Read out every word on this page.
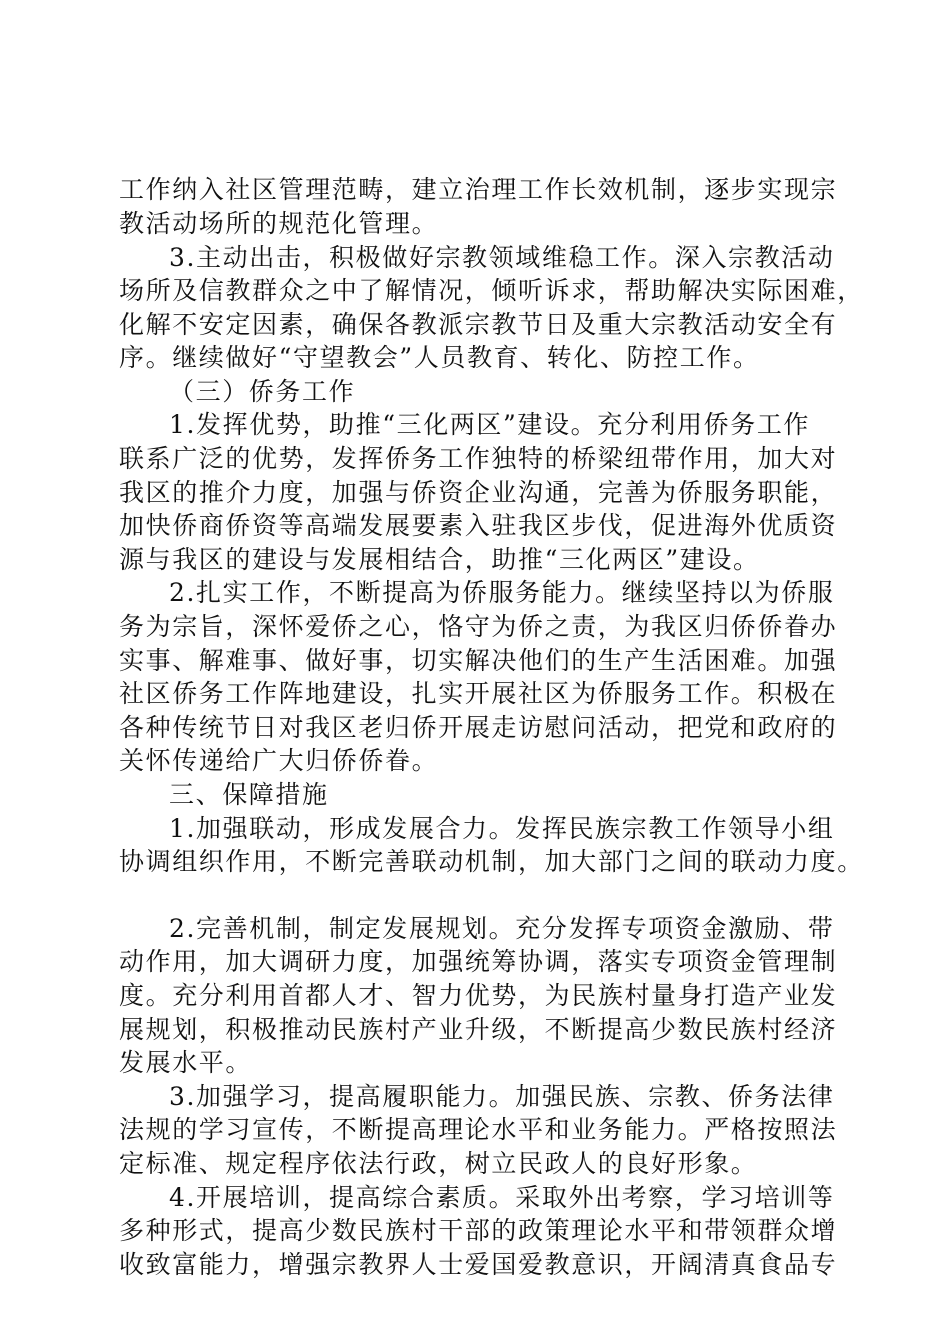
工作纳入社区管理范畴，建立治理工作长效机制，逐步实现宗
教活动场所的规范化管理。
3.主动出击，积极做好宗教领域维稳工作。深入宗教活动
场所及信教群众之中了解情况，倾听诉求，帮助解决实际困难，
化解不安定因素，确保各教派宗教节日及重大宗教活动安全有
序。继续做好“守望教会”人员教育、转化、防控工作。
（三）侨务工作
1.发挥优势，助推“三化两区”建设。充分利用侨务工作
联系广泛的优势，发挥侨务工作独特的桥梁纽带作用，加大对
我区的推介力度，加强与侨资企业沟通，完善为侨服务职能，
加快侨商侨资等高端发展要素入驻我区步伐，促进海外优质资
源与我区的建设与发展相结合，助推“三化两区”建设。
2.扎实工作，不断提高为侨服务能力。继续坚持以为侨服
务为宗旨，深怀爱侨之心，恪守为侨之责，为我区归侨侨眷办
实事、解难事、做好事，切实解决他们的生产生活困难。加强
社区侨务工作阵地建设，扎实开展社区为侨服务工作。积极在
各种传统节日对我区老归侨开展走访慰问活动，把党和政府的
关怀传递给广大归侨侨眷。
三、保障措施
1.加强联动，形成发展合力。发挥民族宗教工作领导小组
协调组织作用，不断完善联动机制，加大部门之间的联动力度。
2.完善机制，制定发展规划。充分发挥专项资金激励、带
动作用，加大调研力度，加强统筹协调，落实专项资金管理制
度。充分利用首都人才、智力优势，为民族村量身打造产业发
展规划，积极推动民族村产业升级，不断提高少数民族村经济
发展水平。
3.加强学习，提高履职能力。加强民族、宗教、侨务法律
法规的学习宣传，不断提高理论水平和业务能力。严格按照法
定标准、规定程序依法行政，树立民政人的良好形象。
4.开展培训，提高综合素质。采取外出考察，学习培训等
多种形式，提高少数民族村干部的政策理论水平和带领群众增
收致富能力，增强宗教界人士爱国爱教意识，开阔清真食品专
